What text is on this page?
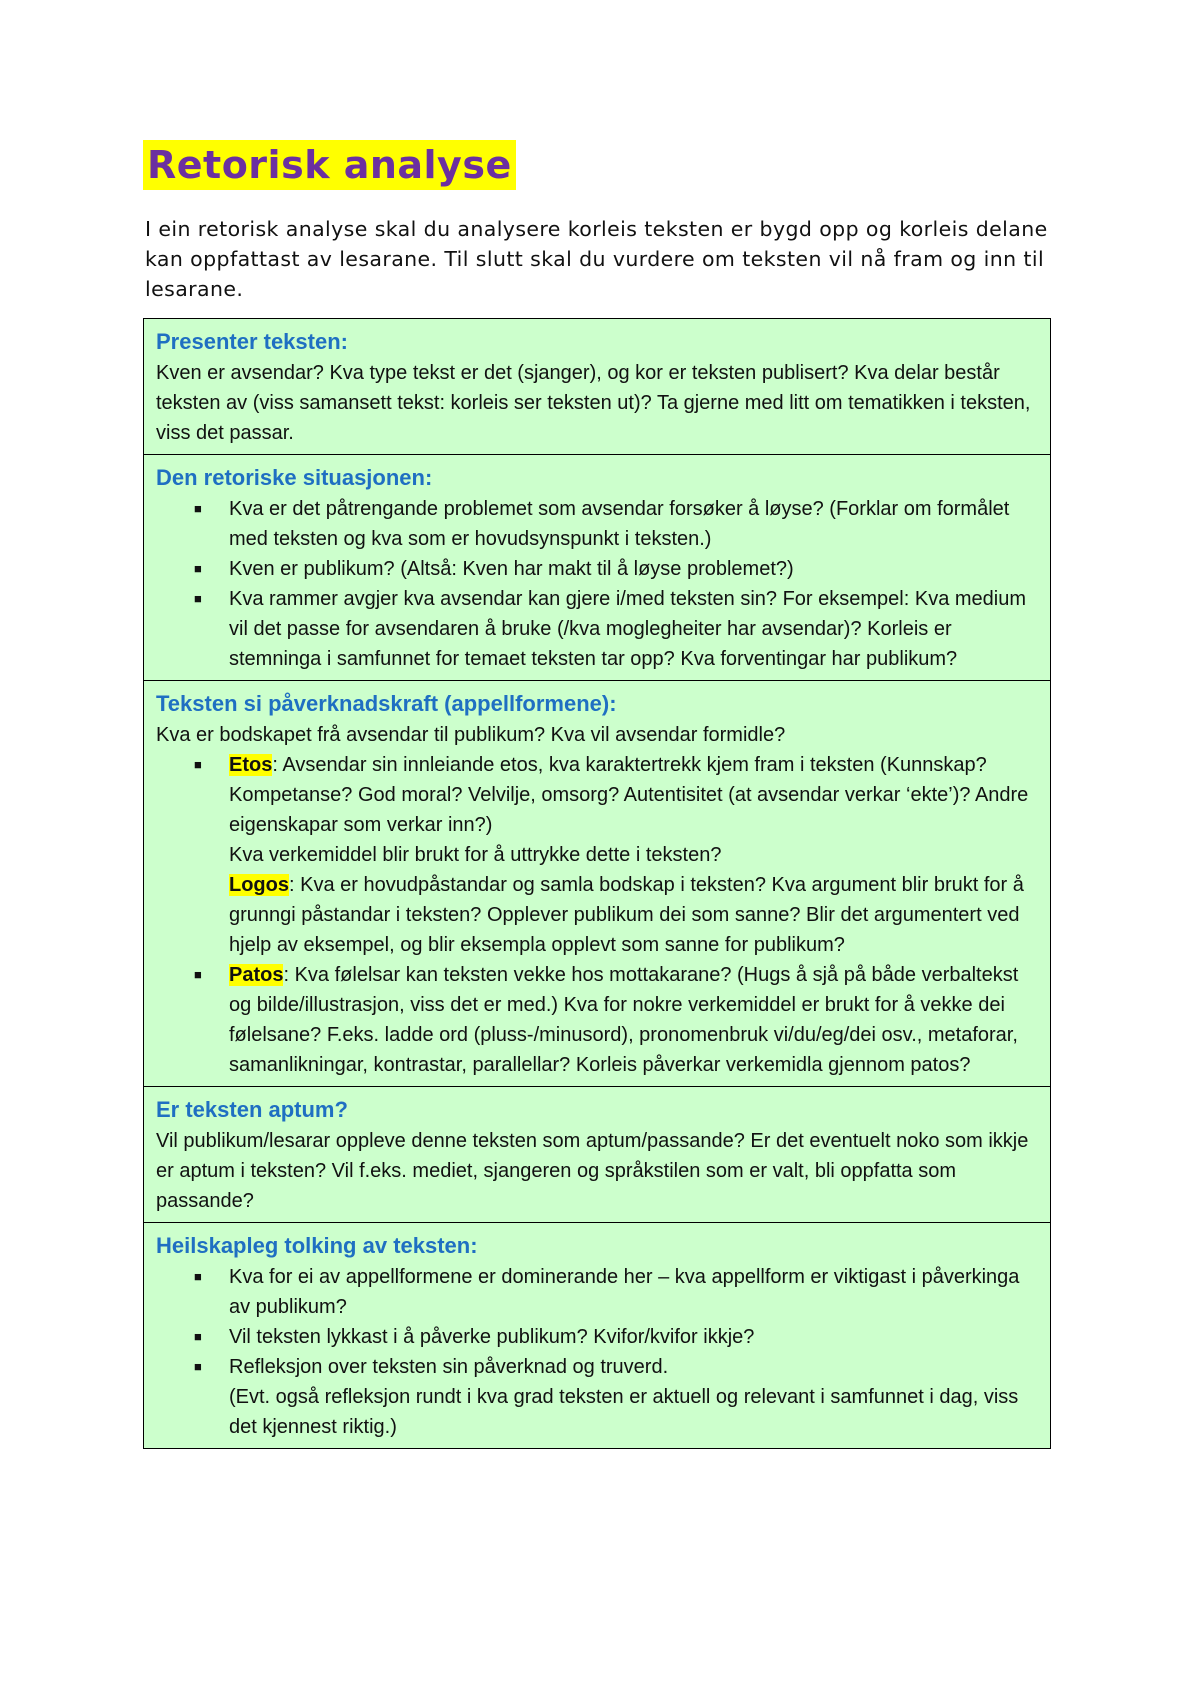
Retorisk analyse

I ein retorisk analyse skal du analysere korleis teksten er bygd opp og korleis delane kan oppfattast av lesarane. Til slutt skal du vurdere om teksten vil nå fram og inn til lesarane.

Presenter teksten:

Kven er avsendar? Kva type tekst er det (sjanger), og kor er teksten publisert? Kva delar består teksten av (viss samansett tekst: korleis ser teksten ut)? Ta gjerne med litt om tematikken i teksten, viss det passar.

Den retoriske situasjonen:
■ Kva er det påtrengande problemet som avsendar forsøker å løyse? (Forklar om formålet med teksten og kva som er hovudsynspunkt i teksten.)
■ Kven er publikum? (Altså: Kven har makt til å løyse problemet?)
■ Kva rammer avgjer kva avsendar kan gjere i/med teksten sin? For eksempel: Kva medium vil det passe for avsendaren å bruke (/kva moglegheiter har avsendar)? Korleis er stemninga i samfunnet for temaet teksten tar opp? Kva forventingar har publikum?
Teksten si påverknadskraft (appellformene):

Kva er bodskapet frå avsendar til publikum? Kva vil avsendar formidle?

■ Etos: Avsendar sin innleiande etos, kva karaktertrekk kjem fram i teksten (Kunnskap? Kompetanse? God moral? Velvilje, omsorg? Autentisitet (at avsendar verkar ‘ekte’)? Andre eigenskapar som verkar inn?)
Kva verkemiddel blir brukt for å uttrykke dette i teksten?
Logos: Kva er hovudpåstandar og samla bodskap i teksten? Kva argument blir brukt for å grunngi påstandar i teksten? Opplever publikum dei som sanne? Blir det argumentert ved hjelp av eksempel, og blir eksempla opplevt som sanne for publikum?
■ Patos: Kva følelsar kan teksten vekke hos mottakarane? (Hugs å sjå på både verbaltekst og bilde/illustrasjon, viss det er med.) Kva for nokre verkemiddel er brukt for å vekke dei følelsane? F.eks. ladde ord (pluss-/minusord), pronomenbruk vi/du/eg/dei osv., metaforar, samanlikningar, kontrastar, parallellar? Korleis påverkar verkemidla gjennom patos?
Er teksten aptum?

Vil publikum/lesarar oppleve denne teksten som aptum/passande? Er det eventuelt noko som ikkje er aptum i teksten? Vil f.eks. mediet, sjangeren og språkstilen som er valt, bli oppfatta som passande?

Heilskapleg tolking av teksten:
■ Kva for ei av appellformene er dominerande her – kva appellform er viktigast i påverkinga av publikum?
■ Vil teksten lykkast i å påverke publikum? Kvifor/kvifor ikkje?
■ Refleksjon over teksten sin påverknad og truverd.
(Evt. også refleksjon rundt i kva grad teksten er aktuell og relevant i samfunnet i dag, viss det kjennest riktig.)
